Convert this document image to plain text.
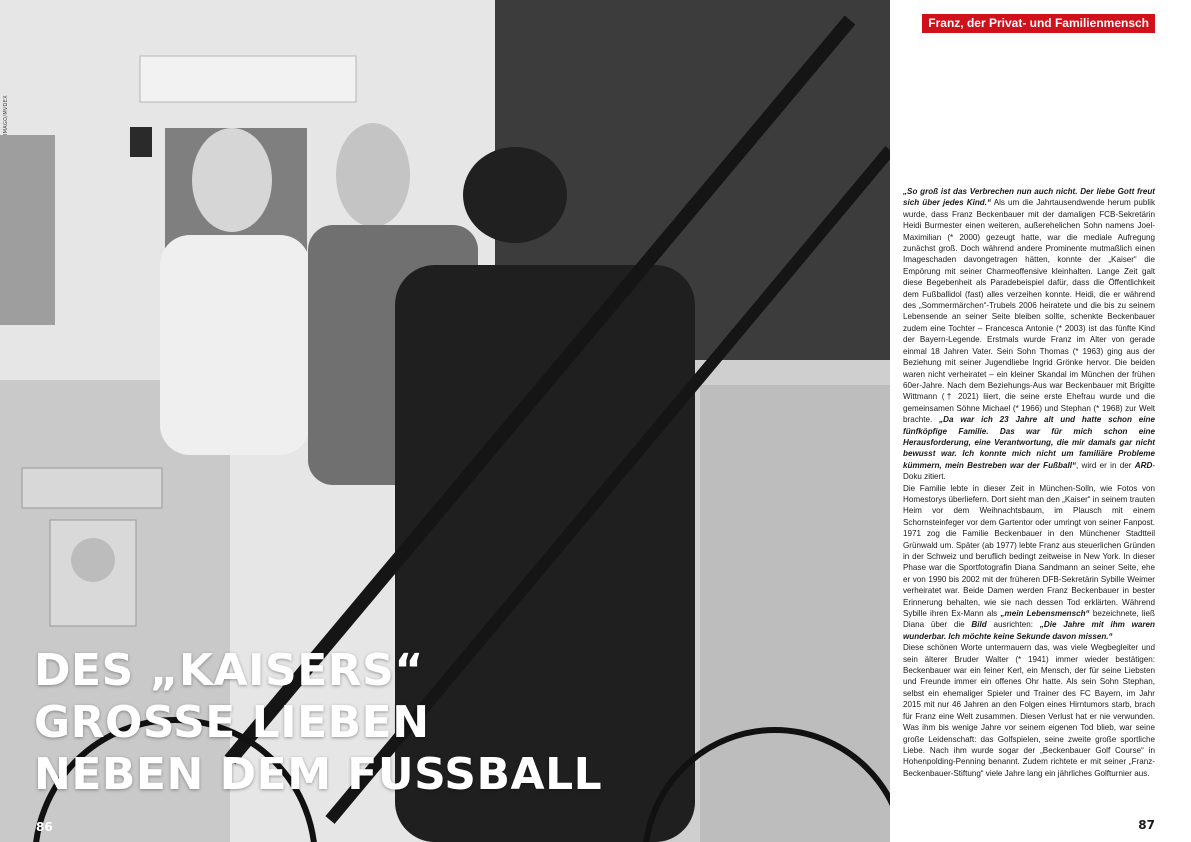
IMAGO/MVDEX
DES „KAISERS“
GROSSE LIEBEN
NEBEN DEM FUSSBALL
86
Franz, der Privat- und Familienmensch

„So groß ist das Verbrechen nun auch nicht. Der liebe Gott freut sich über jedes Kind.“ Als um die Jahrtausendwende herum publik wurde, dass Franz Beckenbauer mit der damaligen FCB-Sekretärin Heidi Burmester einen weiteren, außerehelichen Sohn namens Joel-Maximilian (* 2000) gezeugt hatte, war die mediale Aufregung zunächst groß. Doch während andere Prominente mutmaßlich einen Imageschaden davongetragen hätten, konnte der „Kaiser“ die Empörung mit seiner Charmeoffensive kleinhalten. Lange Zeit galt diese Begebenheit als Paradebeispiel dafür, dass die Öffentlichkeit dem Fußballidol (fast) alles verzeihen konnte. Heidi, die er während des „Sommermärchen“-Trubels 2006 heiratete und die bis zu seinem Lebensende an seiner Seite bleiben sollte, schenkte Beckenbauer zudem eine Tochter – Francesca Antonie (* 2003) ist das fünfte Kind der Bayern-Legende. Erstmals wurde Franz im Alter von gerade einmal 18 Jahren Vater. Sein Sohn Thomas (* 1963) ging aus der Beziehung mit seiner Jugendliebe Ingrid Grönke hervor. Die beiden waren nicht verheiratet – ein kleiner Skandal im München der frühen 60er-Jahre. Nach dem Beziehungs-Aus war Beckenbauer mit Brigitte Wittmann († 2021) liiert, die seine erste Ehefrau wurde und die gemeinsamen Söhne Michael (* 1966) und Stephan (* 1968) zur Welt brachte. „Da war ich 23 Jahre alt und hatte schon eine fünfköpfige Familie. Das war für mich schon eine Herausforderung, eine Verantwortung, die mir damals gar nicht bewusst war. Ich konnte mich nicht um familiäre Probleme kümmern, mein Bestreben war der Fußball“, wird er in der ARD-Doku zitiert.

Die Familie lebte in dieser Zeit in München-Solln, wie Fotos von Homestorys überliefern. Dort sieht man den „Kaiser“ in seinem trauten Heim vor dem Weihnachtsbaum, im Plausch mit einem Schornsteinfeger vor dem Gartentor oder umringt von seiner Fanpost. 1971 zog die Familie Beckenbauer in den Münchener Stadtteil Grünwald um. Später (ab 1977) lebte Franz aus steuerlichen Gründen in der Schweiz und beruflich bedingt zeitweise in New York. In dieser Phase war die Sportfotografin Diana Sandmann an seiner Seite, ehe er von 1990 bis 2002 mit der früheren DFB-Sekretärin Sybille Weimer verheiratet war. Beide Damen werden Franz Beckenbauer in bester Erinnerung behalten, wie sie nach dessen Tod erklärten. Während Sybille ihren Ex-Mann als „mein Lebensmensch“ bezeichnete, ließ Diana über die Bild ausrichten: „Die Jahre mit ihm waren wunderbar. Ich möchte keine Sekunde davon missen.“

Diese schönen Worte untermauern das, was viele Wegbegleiter und sein älterer Bruder Walter (* 1941) immer wieder bestätigen: Beckenbauer war ein feiner Kerl, ein Mensch, der für seine Liebsten und Freunde immer ein offenes Ohr hatte. Als sein Sohn Stephan, selbst ein ehemaliger Spieler und Trainer des FC Bayern, im Jahr 2015 mit nur 46 Jahren an den Folgen eines Hirntumors starb, brach für Franz eine Welt zusammen. Diesen Verlust hat er nie verwunden. Was ihm bis wenige Jahre vor seinem eigenen Tod blieb, war seine große Leidenschaft: das Golfspielen, seine zweite große sportliche Liebe. Nach ihm wurde sogar der „Beckenbauer Golf Course“ in Hohenpolding-Penning benannt. Zudem richtete er mit seiner „Franz-Beckenbauer-Stiftung“ viele Jahre lang ein jährliches Golfturnier aus.

87
